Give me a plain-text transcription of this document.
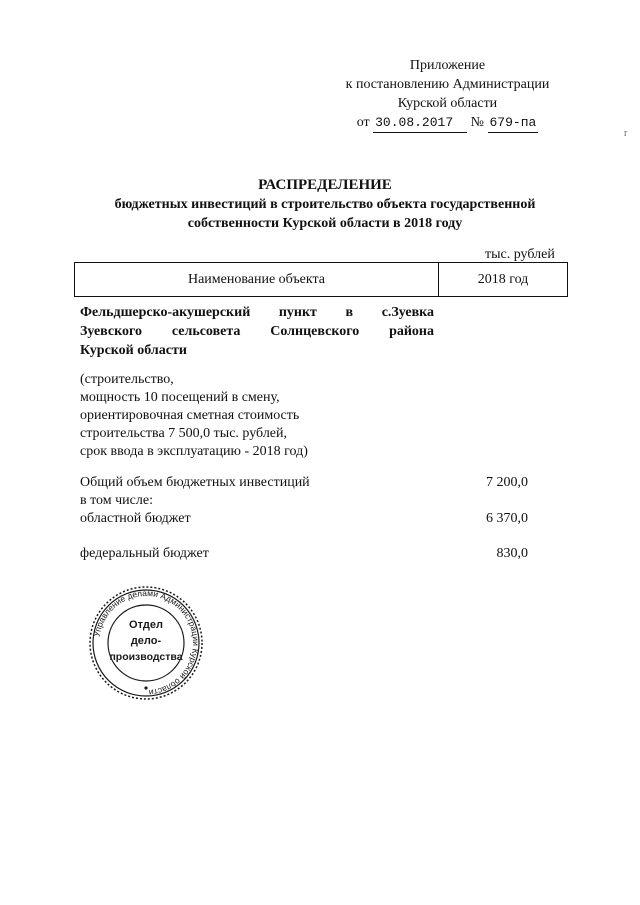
Приложение
к постановлению Администрации
Курской области
от 30.08.2017 № 679-па
r
РАСПРЕДЕЛЕНИЕ
бюджетных инвестиций в строительство объекта государственной
собственности Курской области в 2018 году
тыс. рублей
Наименование объекта	2018 год
Фельдшерско-акушерский пункт в с.Зуевка
Зуевского сельсовета Солнцевского района
Курской области
(строительство,
мощность 10 посещений в смену,
ориентировочная сметная стоимость
строительства 7 500,0 тыс. рублей,
срок ввода в эксплуатацию - 2018 год)
Общий объем бюджетных инвестиций	7 200,0
в том числе:
областной бюджет	6 370,0
федеральный бюджет	830,0
Управление делами Администрации Курской области
Отдел
дело-
производства
